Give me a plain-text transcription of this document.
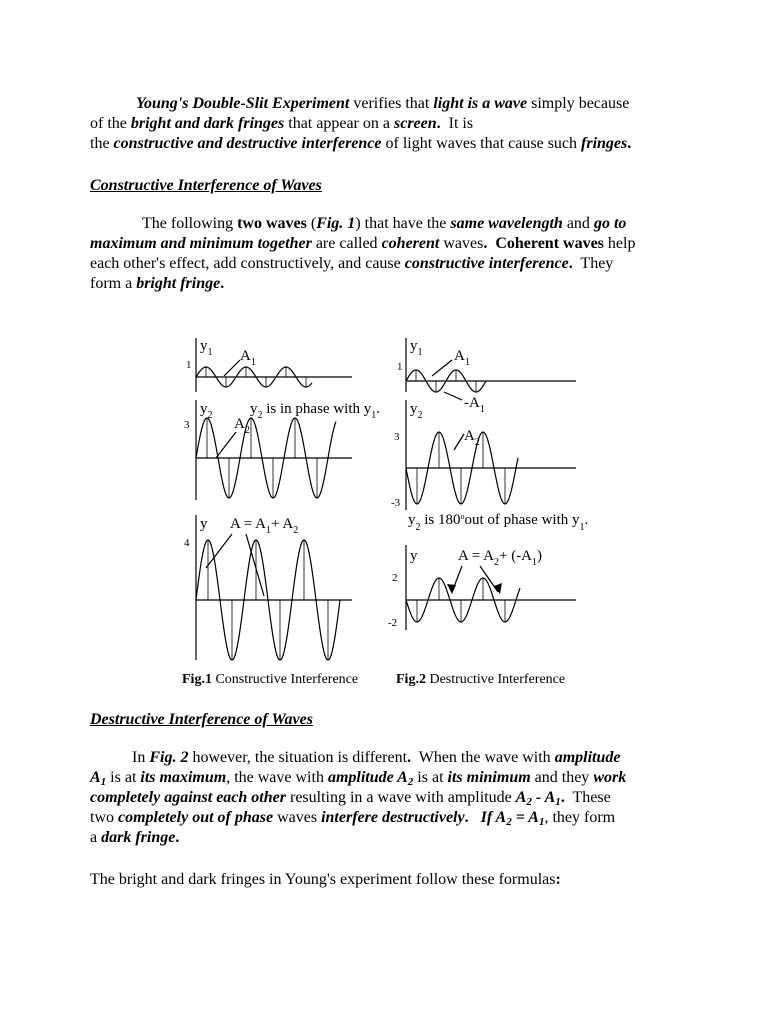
Young's Double-Slit Experiment verifies that light is a wave simply because
of the bright and dark fringes that appear on a screen.  It is
the constructive and destructive interference of light waves that cause such fringes.
Constructive Interference of Waves
The following two waves (Fig. 1) that have the same wavelength and go to
maximum and minimum together are called coherent waves. Coherent waves help
each other's effect, add constructively, and cause constructive interference.  They
form a bright fringe.
1
$y_1$ $A_1$
3
$y_2$
$A_2$
$y_2$ is in phase with $y_1$.
4
y $A = A_1+ A_2$
1
$y_1$ $A_1$
$-A_1$
$y_2$
3
-3
$A_2$
$y_2$ is 180$^o$out of phase with $y_1$.
y
2
-2
$A = A_2+ (-A_1)$
Fig.1 Constructive Interference	Fig.2 Destructive Interference
Destructive Interference of Waves
In Fig. 2 however, the situation is different.  When the wave with amplitude
$A_1$ is at its maximum, the wave with amplitude $A_2$ is at its minimum and they work
completely against each other resulting in a wave with amplitude $A_2 - A_1$.  These
two completely out of phase waves interfere destructively. If $A_2 = A_1$, they form
a dark fringe.
The bright and dark fringes in Young's experiment follow these formulas:
